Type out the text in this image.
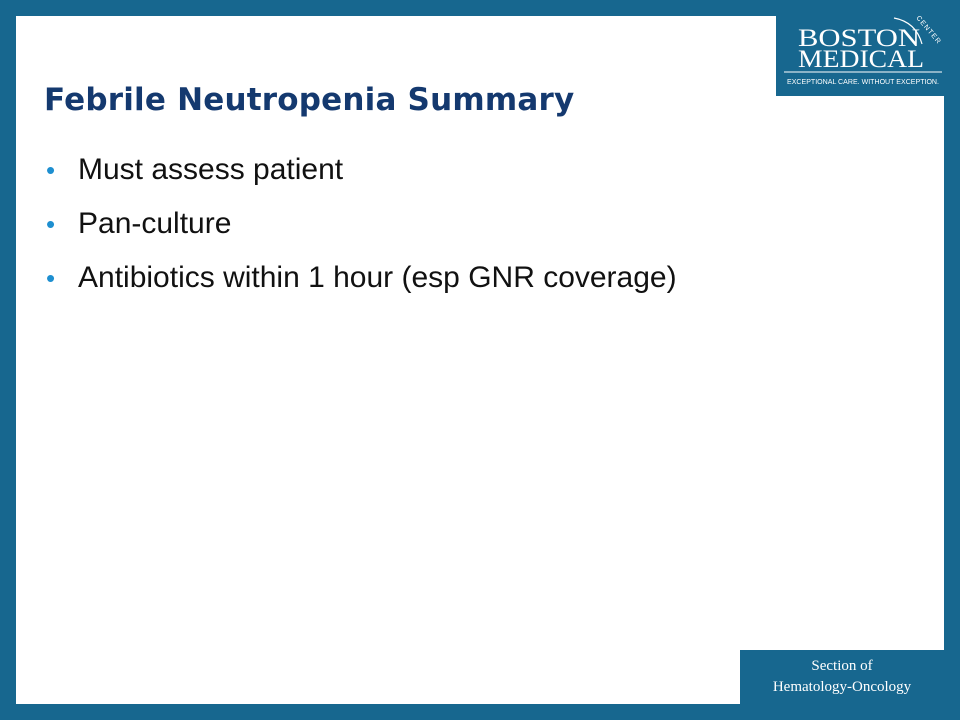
Febrile Neutropenia Summary
• Must assess patient
• Pan-culture
• Antibiotics within 1 hour (esp GNR coverage)
BOSTON
MEDICAL
CENTER
EXCEPTIONAL CARE. WITHOUT EXCEPTION.
Section of
Hematology-Oncology
